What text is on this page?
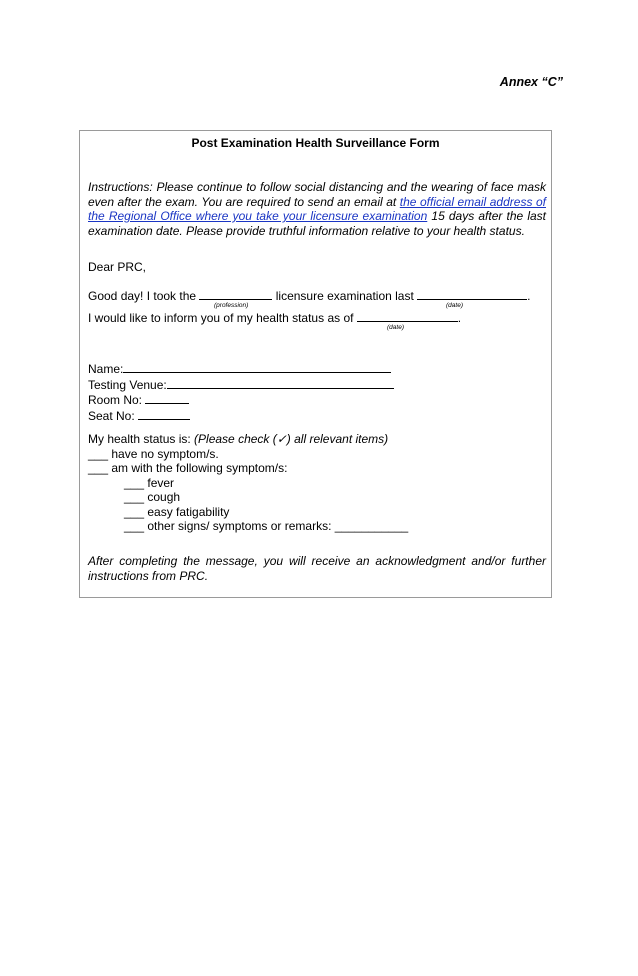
Annex “C”
Post Examination Health Surveillance Form

Instructions: Please continue to follow social distancing and the wearing of face mask even after the exam. You are required to send an email at the official email address of the Regional Office where you take your licensure examination 15 days after the last examination date. Please provide truthful information relative to your health status.

Dear PRC,

Good day! I took the	licensure examination last	.

(profession)	(date)

I would like to inform you of my health status as of	.

(date)
Name:
Testing Venue:
Room No:
Seat No:
My health status is: (Please check (✓) all relevant items)
___ have no symptom/s.
___ am with the following symptom/s:
___ fever
___ cough
___ easy fatigability
___ other signs/ symptoms or remarks: ___________

After completing the message, you will receive an acknowledgment and/or further instructions from PRC.
